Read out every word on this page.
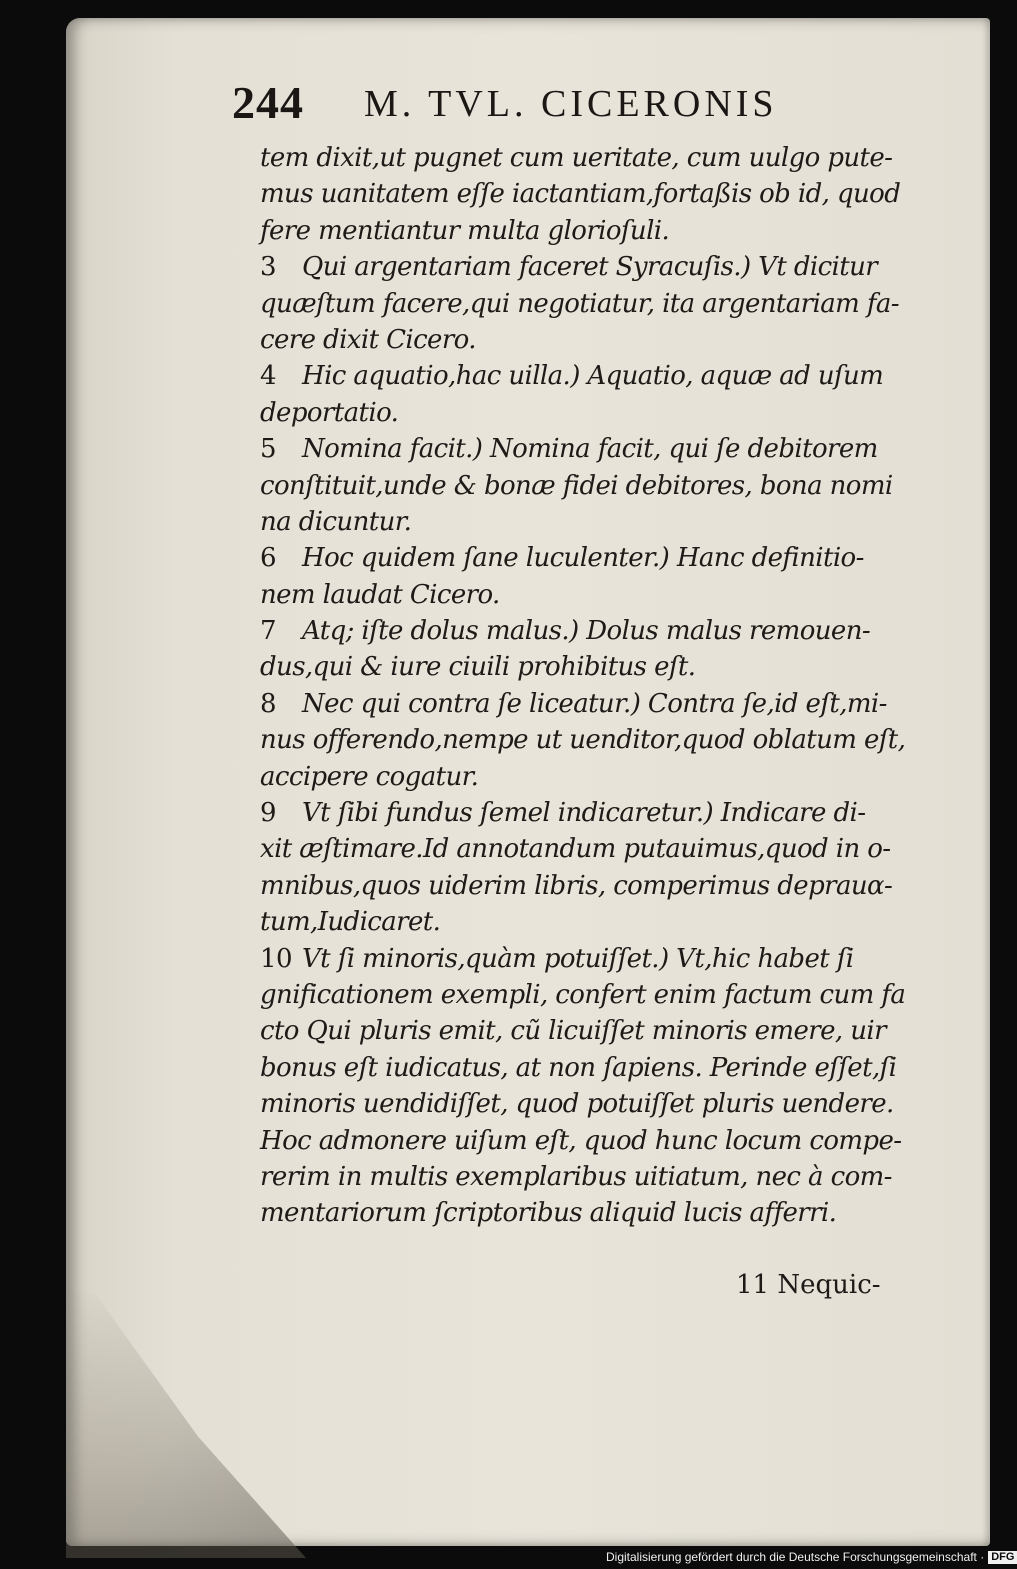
244 M. TVL. CICERONIS
tem dixit,ut pugnet cum ueritate, cum uulgo pute-
mus uanitatem eſſe iactantiam,fortaßis ob id, quod
fere mentiantur multa glorioſuli.
3 Qui argentariam faceret Syracuſis.) Vt dicitur
quæſtum facere,qui negotiatur, ita argentariam fa-
cere dixit Cicero.
4 Hic aquatio,hac uilla.) Aquatio, aquæ ad uſum
deportatio.
5 Nomina facit.) Nomina facit, qui ſe debitorem
conſtituit,unde & bonæ fidei debitores, bona nomi
na dicuntur.
6 Hoc quidem ſane luculenter.) Hanc definitio-
nem laudat Cicero.
7 Atq; iſte dolus malus.) Dolus malus remouen-
dus,qui & iure ciuili prohibitus eſt.
8 Nec qui contra ſe liceatur.) Contra ſe,id eſt,mi-
nus offerendo,nempe ut uenditor,quod oblatum eſt,
accipere cogatur.
9 Vt ſibi fundus ſemel indicaretur.) Indicare di-
xit æſtimare.Id annotandum putauimus,quod in o-
mnibus,quos uiderim libris, comperimus deprauα-
tum,Iudicaret.
10 Vt ſi minoris,quàm potuiſſet.) Vt,hic habet ſi
gnificationem exempli, confert enim factum cum fa
cto Qui pluris emit, cũ licuiſſet minoris emere, uir
bonus eſt iudicatus, at non ſapiens. Perinde eſſet,ſi
minoris uendidiſſet, quod potuiſſet pluris uendere.
Hoc admonere uiſum eſt, quod hunc locum compe-
rerim in multis exemplaribus uitiatum, nec à com-
mentariorum ſcriptoribus aliquid lucis afferri.
11 Nequic-
Digitalisierung gefördert durch die Deutsche Forschungsgemeinschaft · DFG
